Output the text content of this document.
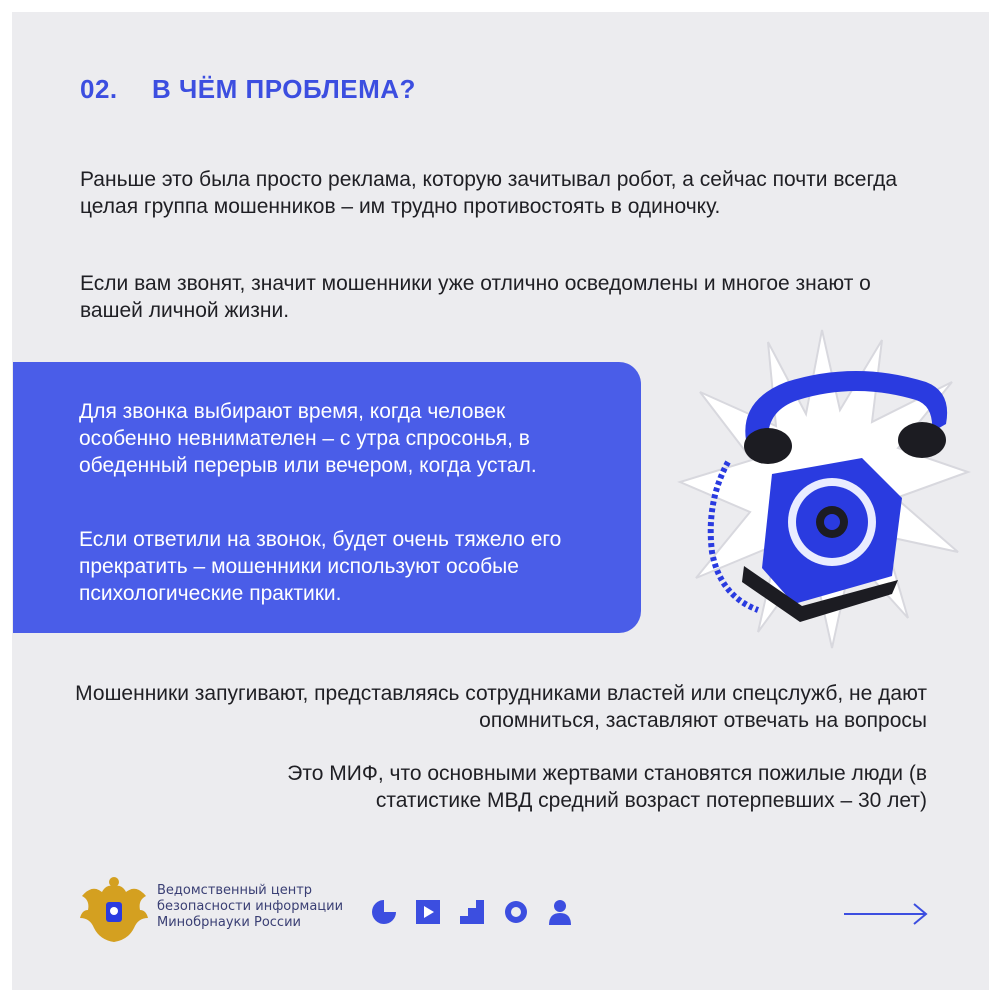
02. В ЧЁМ ПРОБЛЕМА?
Раньше это была просто реклама, которую зачитывал робот, а сейчас почти всегда целая группа мошенников – им трудно противостоять в одиночку.
Если вам звонят, значит мошенники уже отлично осведомлены и многое знают о вашей личной жизни.
Для звонка выбирают время, когда человек особенно невнимателен – с утра спросонья, в обеденный перерыв или вечером, когда устал.
Если ответили на звонок, будет очень тяжело его прекратить – мошенники используют особые психологические практики.
Мошенники запугивают, представляясь сотрудниками властей или спецслужб, не дают опомниться, заставляют отвечать на вопросы
Это МИФ, что основными жертвами становятся пожилые люди (в статистике МВД средний возраст потерпевших – 30 лет)
Ведомственный центр
безопасности информации
Минобрнауки России
